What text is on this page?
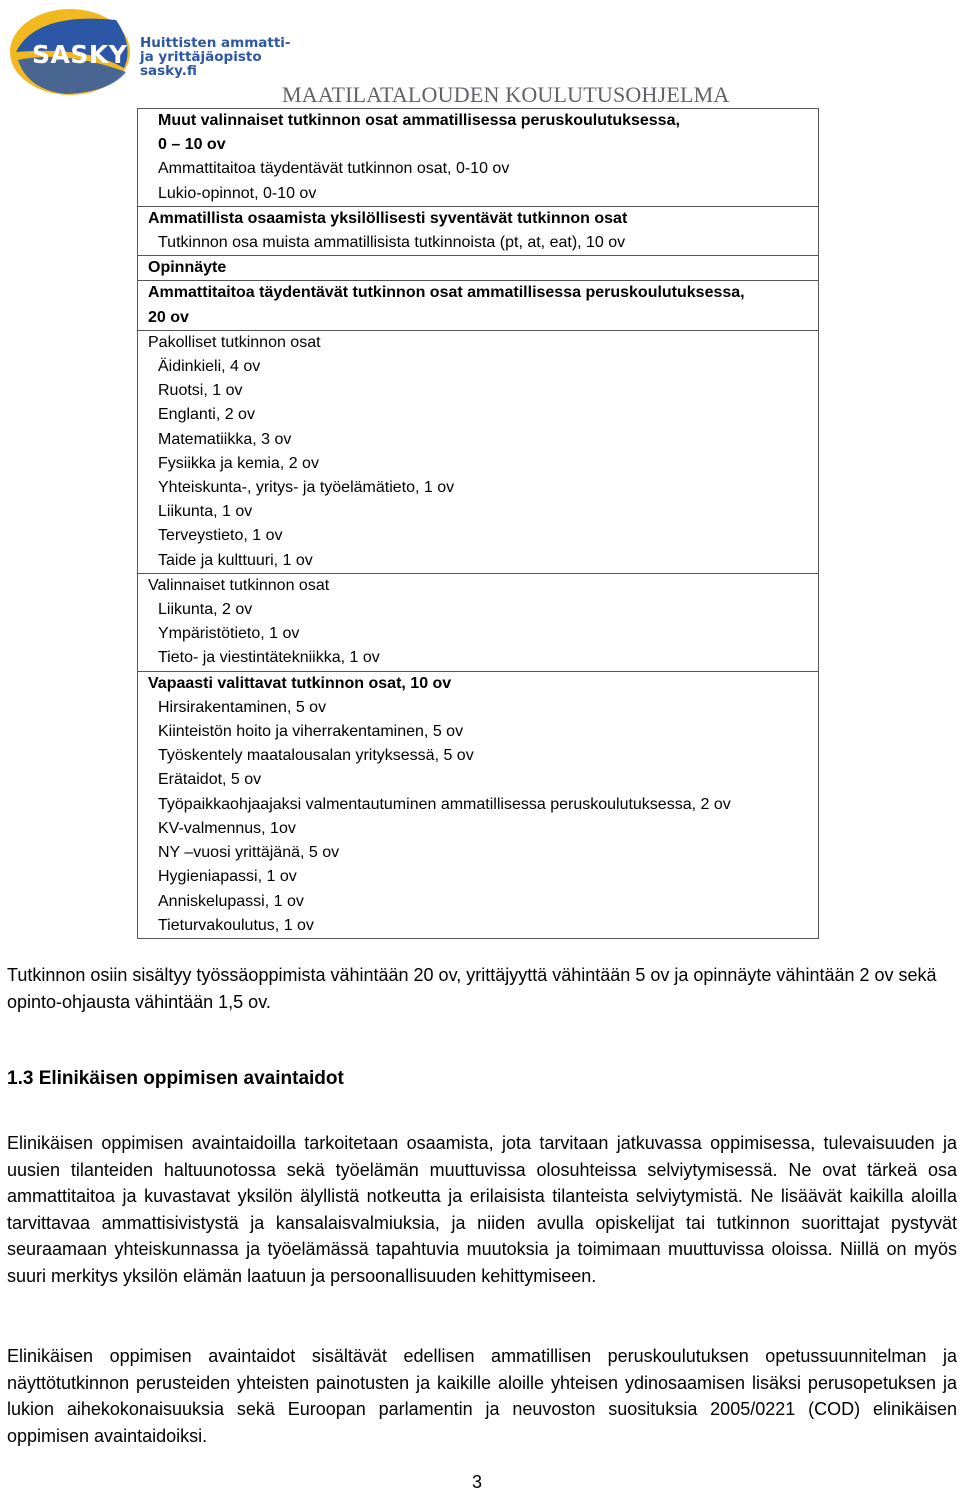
SASKY Huittisten ammatti-
ja yrittäjäopisto
sasky.fi
MAATILATALOUDEN KOULUTUSOHJELMA
Muut valinnaiset tutkinnon osat ammatillisessa peruskoulutuksessa,
0 – 10 ov
Ammattitaitoa täydentävät tutkinnon osat, 0-10 ov
Lukio-opinnot, 0-10 ov
Ammatillista osaamista yksilöllisesti syventävät tutkinnon osat
Tutkinnon osa muista ammatillisista tutkinnoista (pt, at, eat), 10 ov
Opinnäyte
Ammattitaitoa täydentävät tutkinnon osat ammatillisessa peruskoulutuksessa,
20 ov
Pakolliset tutkinnon osat
Äidinkieli, 4 ov
Ruotsi, 1 ov
Englanti, 2 ov
Matematiikka, 3 ov
Fysiikka ja kemia, 2 ov
Yhteiskunta-, yritys- ja työelämätieto, 1 ov
Liikunta, 1 ov
Terveystieto, 1 ov
Taide ja kulttuuri, 1 ov
Valinnaiset tutkinnon osat
Liikunta, 2 ov
Ympäristötieto, 1 ov
Tieto- ja viestintätekniikka, 1 ov
Vapaasti valittavat tutkinnon osat, 10 ov
Hirsirakentaminen, 5 ov
Kiinteistön hoito ja viherrakentaminen, 5 ov
Työskentely maatalousalan yrityksessä, 5 ov
Erätaidot, 5 ov
Työpaikkaohjaajaksi valmentautuminen ammatillisessa peruskoulutuksessa, 2 ov
KV-valmennus, 1ov
NY –vuosi yrittäjänä, 5 ov
Hygieniapassi, 1 ov
Anniskelupassi, 1 ov
Tieturvakoulutus, 1 ov
Tutkinnon osiin sisältyy työssäoppimista vähintään 20 ov, yrittäjyyttä vähintään 5 ov ja opinnäyte vähintään 2 ov sekä opinto-ohjausta vähintään 1,5 ov.
1.3 Elinikäisen oppimisen avaintaidot
Elinikäisen oppimisen avaintaidoilla tarkoitetaan osaamista, jota tarvitaan jatkuvassa oppimisessa, tulevaisuuden ja uusien tilanteiden haltuunotossa sekä työelämän muuttuvissa olosuhteissa selviytymisessä. Ne ovat tärkeä osa ammattitaitoa ja kuvastavat yksilön älyllistä notkeutta ja erilaisista tilanteista selviytymistä. Ne lisäävät kaikilla aloilla tarvittavaa ammattisivistystä ja kansalaisvalmiuksia, ja niiden avulla opiskelijat tai tutkinnon suorittajat pystyvät seuraamaan yhteiskunnassa ja työelämässä tapahtuvia muutoksia ja toimimaan muuttuvissa oloissa. Niillä on myös suuri merkitys yksilön elämän laatuun ja persoonallisuuden kehittymiseen.
Elinikäisen oppimisen avaintaidot sisältävät edellisen ammatillisen peruskoulutuksen opetussuunnitelman ja näyttötutkinnon perusteiden yhteisten painotusten ja kaikille aloille yhteisen ydinosaamisen lisäksi perusopetuksen ja lukion aihekokonaisuuksia sekä Euroopan parlamentin ja neuvoston suosituksia 2005/0221 (COD) elinikäisen oppimisen avaintaidoiksi.
3
